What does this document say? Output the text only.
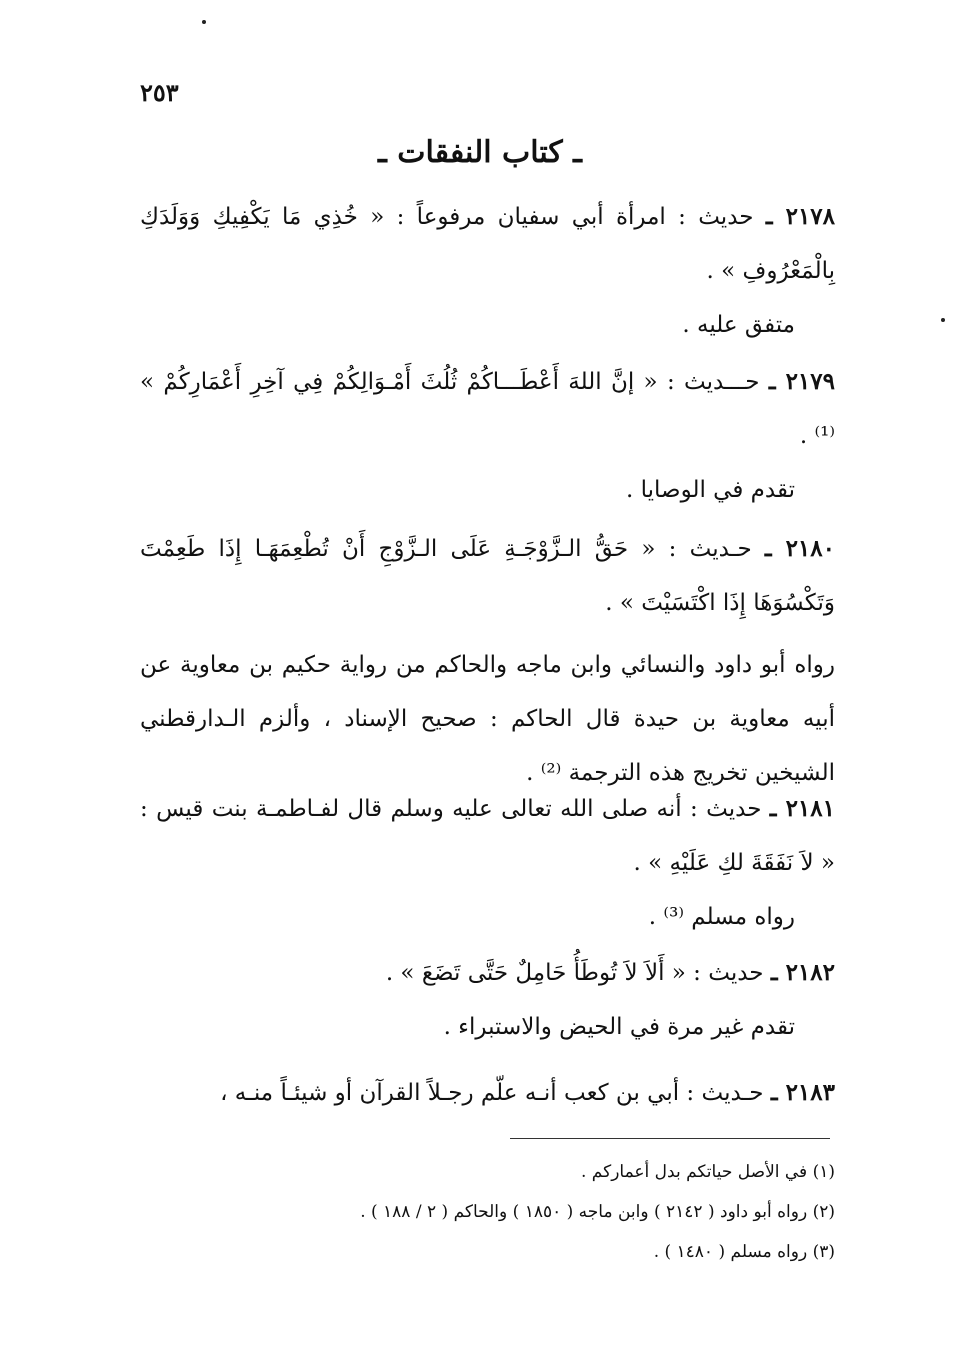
٢٥٣
ـ كتاب النفقات ـ

٢١٧٨ ـ حديث : امرأة أبي سفيان مرفوعاً : « خُذِي مَا يَكْفِيكِ وَوَلَدَكِ بِالْمَعْرُوفِ » .

متفق عليه .

٢١٧٩ ـ حـــديث : « إنَّ اللهَ أَعْطَـــاكُمْ ثُلُثَ أَمْـوَالِكُمْ فِي آخِرِ أَعْمَارِكُمْ » ⁽¹⁾ .

تقدم في الوصايا .

٢١٨٠ ـ حـديث : « حَقُّ الـزَّوْجَـةِ عَلَى الـزَّوْجِ أَنْ تُطْعِمَهَـا إِذَا طَعِمْتَ وَتَكْسُوَهَا إِذَا اكْتَسَيْتَ » .

رواه أبو داود والنسائي وابن ماجه والحاكم من رواية حكيم بن معاوية عن أبيه معاوية بن حيدة قال الحاكم : صحيح الإسناد ، وألزم الـدارقطني الشيخين تخريج هذه الترجمة ⁽²⁾ .

٢١٨١ ـ حديث : أنه صلى الله تعالى عليه وسلم قال لفـاطمـة بنت قيس : « لاَ نَفَقَةَ لكِ عَلَيْهِ » .

رواه مسلم ⁽³⁾ .

٢١٨٢ ـ حديث : « أَلاَ لاَ تُوطَأُ حَامِلٌ حَتَّى تَضَعَ » .

تقدم غير مرة في الحيض والاستبراء .

٢١٨٣ ـ حـديث : أبي بن كعب أنـه علّم رجـلاً القرآن أو شيئـاً منـه ،

(١) في الأصل حياتكم بدل أعماركم .

(٢) رواه أبو داود ( ٢١٤٢ ) وابن ماجه ( ١٨٥٠ ) والحاكم ( ٢ / ١٨٨ ) .

(٣) رواه مسلم ( ١٤٨٠ ) .
